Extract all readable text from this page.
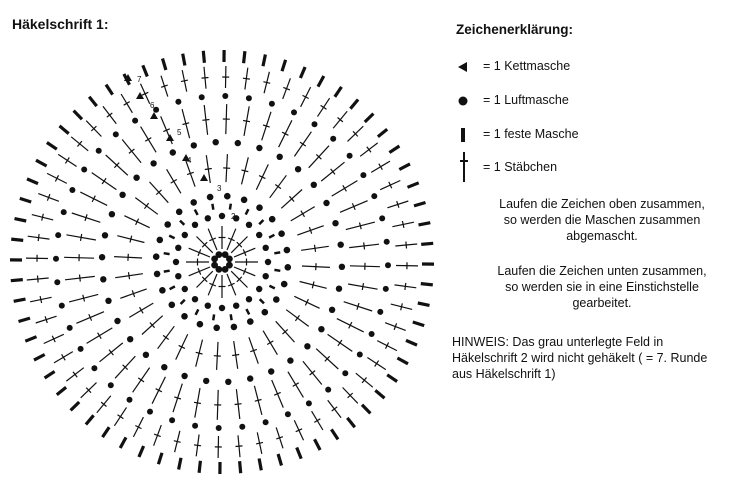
Häkelschrift 1:
2
3
4
5
6
7
Zeichenerklärung:
= 1 Kettmasche
= 1 Luftmasche
= 1 feste Masche
= 1 Stäbchen
Laufen die Zeichen oben zusammen,
so werden die Maschen zusammen
abgemascht.
Laufen die Zeichen unten zusammen,
so werden sie in eine Einstichstelle
gearbeitet.
HINWEIS: Das grau unterlegte Feld in
Häkelschrift 2 wird nicht gehäkelt ( = 7. Runde
aus Häkelschrift 1)
